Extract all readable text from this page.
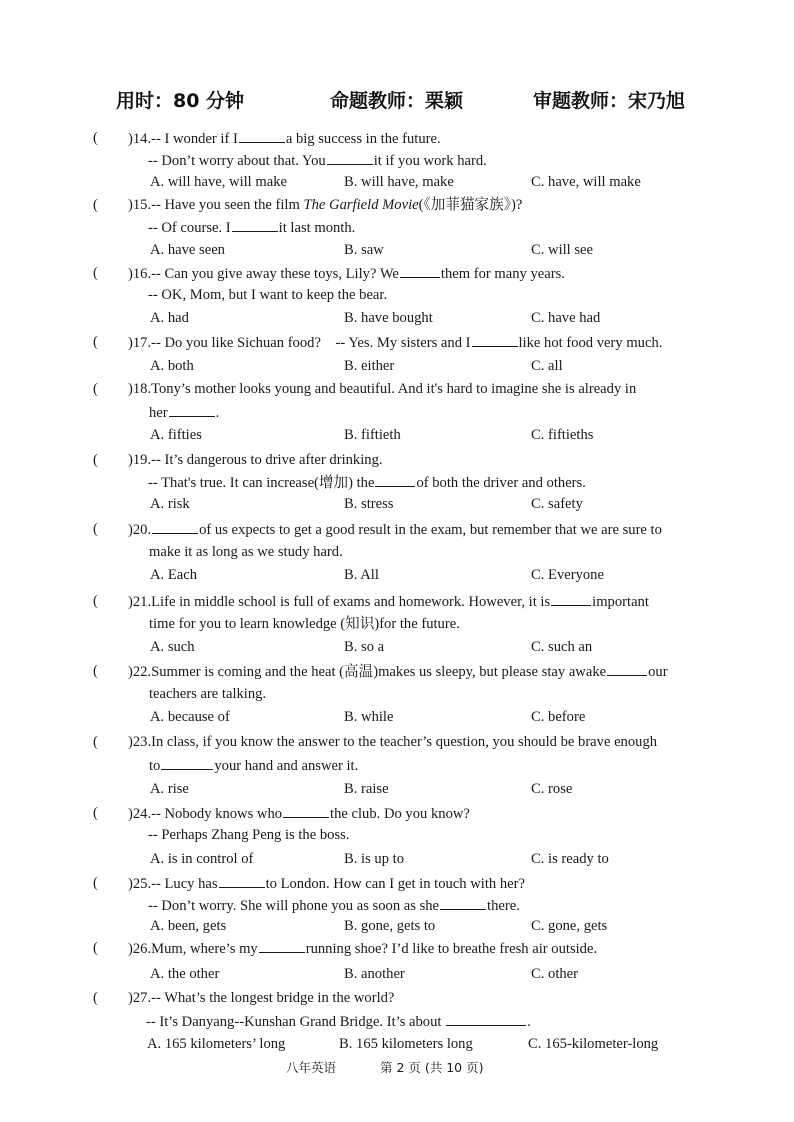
用时：80 分钟	命题教师：栗颖	审题教师：宋乃旭
(	)14.-- I wonder if I	a big success in the future.
-- Don’t worry about that. You	it if you work hard.
A. will have, will make	B. will have, make	C. have, will make
(	)15.-- Have you seen the film The Garfield Movie(《加菲猫家族》)?
-- Of course. I	it last month.
A. have seen	B. saw	C. will see
(	)16.-- Can you give away these toys, Lily? We	them for many years.
-- OK, Mom, but I want to keep the bear.
A. had	B. have bought	C. have had
(	)17.-- Do you like Sichuan food?    -- Yes. My sisters and I	like hot food very much.
A. both	B. either	C. all
(	)18.Tony’s mother looks young and beautiful. And it's hard to imagine she is already in
her	.
A. fifties	B. fiftieth	C. fiftieths
(	)19.-- It’s dangerous to drive after drinking.
-- That's true. It can increase(增加) the	of both the driver and others.
A. risk	B. stress	C. safety
(	)20.	of us expects to get a good result in the exam, but remember that we are sure to
make it as long as we study hard.
A. Each	B. All	C. Everyone
(	)21.Life in middle school is full of exams and homework. However, it is	important
time for you to learn knowledge (知识)for the future.
A. such	B. so a	C. such an
(	)22.Summer is coming and the heat (高温)makes us sleepy, but please stay awake	our
teachers are talking.
A. because of	B. while	C. before
(	)23.In class, if you know the answer to the teacher’s question, you should be brave enough
to	your hand and answer it.
A. rise	B. raise	C. rose
(	)24.-- Nobody knows who	the club. Do you know?
-- Perhaps Zhang Peng is the boss.
A. is in control of	B. is up to	C. is ready to
(	)25.-- Lucy has	to London. How can I get in touch with her?
-- Don’t worry. She will phone you as soon as she	there.
A. been, gets	B. gone, gets to	C. gone, gets
(	)26.Mum, where’s my	running shoe? I’d like to breathe fresh air outside.
A. the other	B. another	C. other
(	)27.-- What’s the longest bridge in the world?
-- It’s Danyang--Kunshan Grand Bridge. It’s about	.
A. 165 kilometers’ long	B. 165 kilometers long	C. 165-kilometer-long
八年英语	第 2 页 (共 10 页)
